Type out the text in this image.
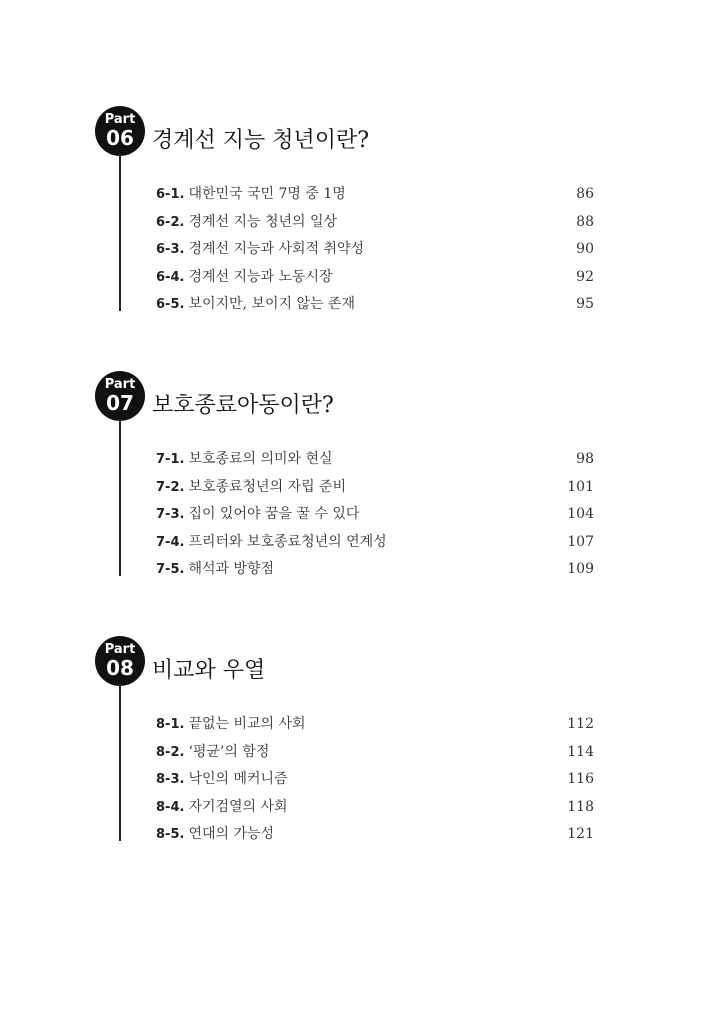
Part
06 경계선 지능 청년이란?
6-1. 대한민국 국민 7명 중 1명	86
6-2. 경계선 지능 청년의 일상	88
6-3. 경계선 지능과 사회적 취약성	90
6-4. 경계선 지능과 노동시장	92
6-5. 보이지만, 보이지 않는 존재	95
Part
07 보호종료아동이란?
7-1. 보호종료의 의미와 현실	98
7-2. 보호종료청년의 자립 준비	101
7-3. 집이 있어야 꿈을 꿀 수 있다	104
7-4. 프리터와 보호종료청년의 연계성	107
7-5. 해석과 방향점	109
Part
08 비교와 우열
8-1. 끝없는 비교의 사회	112
8-2. ‘평균’의 함정	114
8-3. 낙인의 메커니즘	116
8-4. 자기검열의 사회	118
8-5. 연대의 가능성	121
